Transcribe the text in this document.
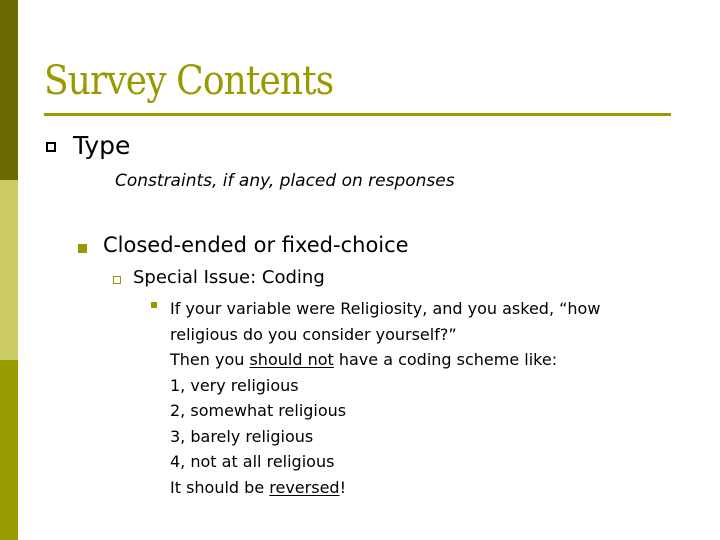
Survey Contents
Type
Constraints, if any, placed on responses
Closed-ended or fixed-choice
Special Issue: Coding
If your variable were Religiosity, and you asked, “how
religious do you consider yourself?”
Then you should not have a coding scheme like:
1, very religious
2, somewhat religious
3, barely religious
4, not at all religious
It should be reversed!
